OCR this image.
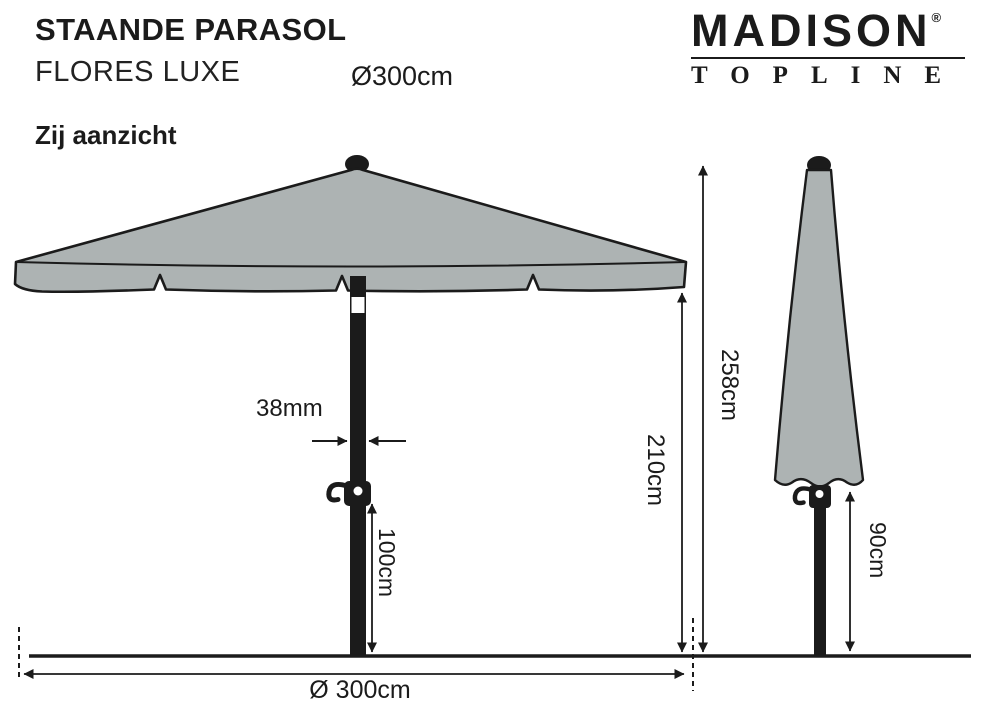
STAANDE PARASOL
FLORES LUXE	Ø300cm
Zij aanzicht
MADISON®
TOPLINE
38mm
100cm
210cm
258cm
90cm
Ø 300cm
